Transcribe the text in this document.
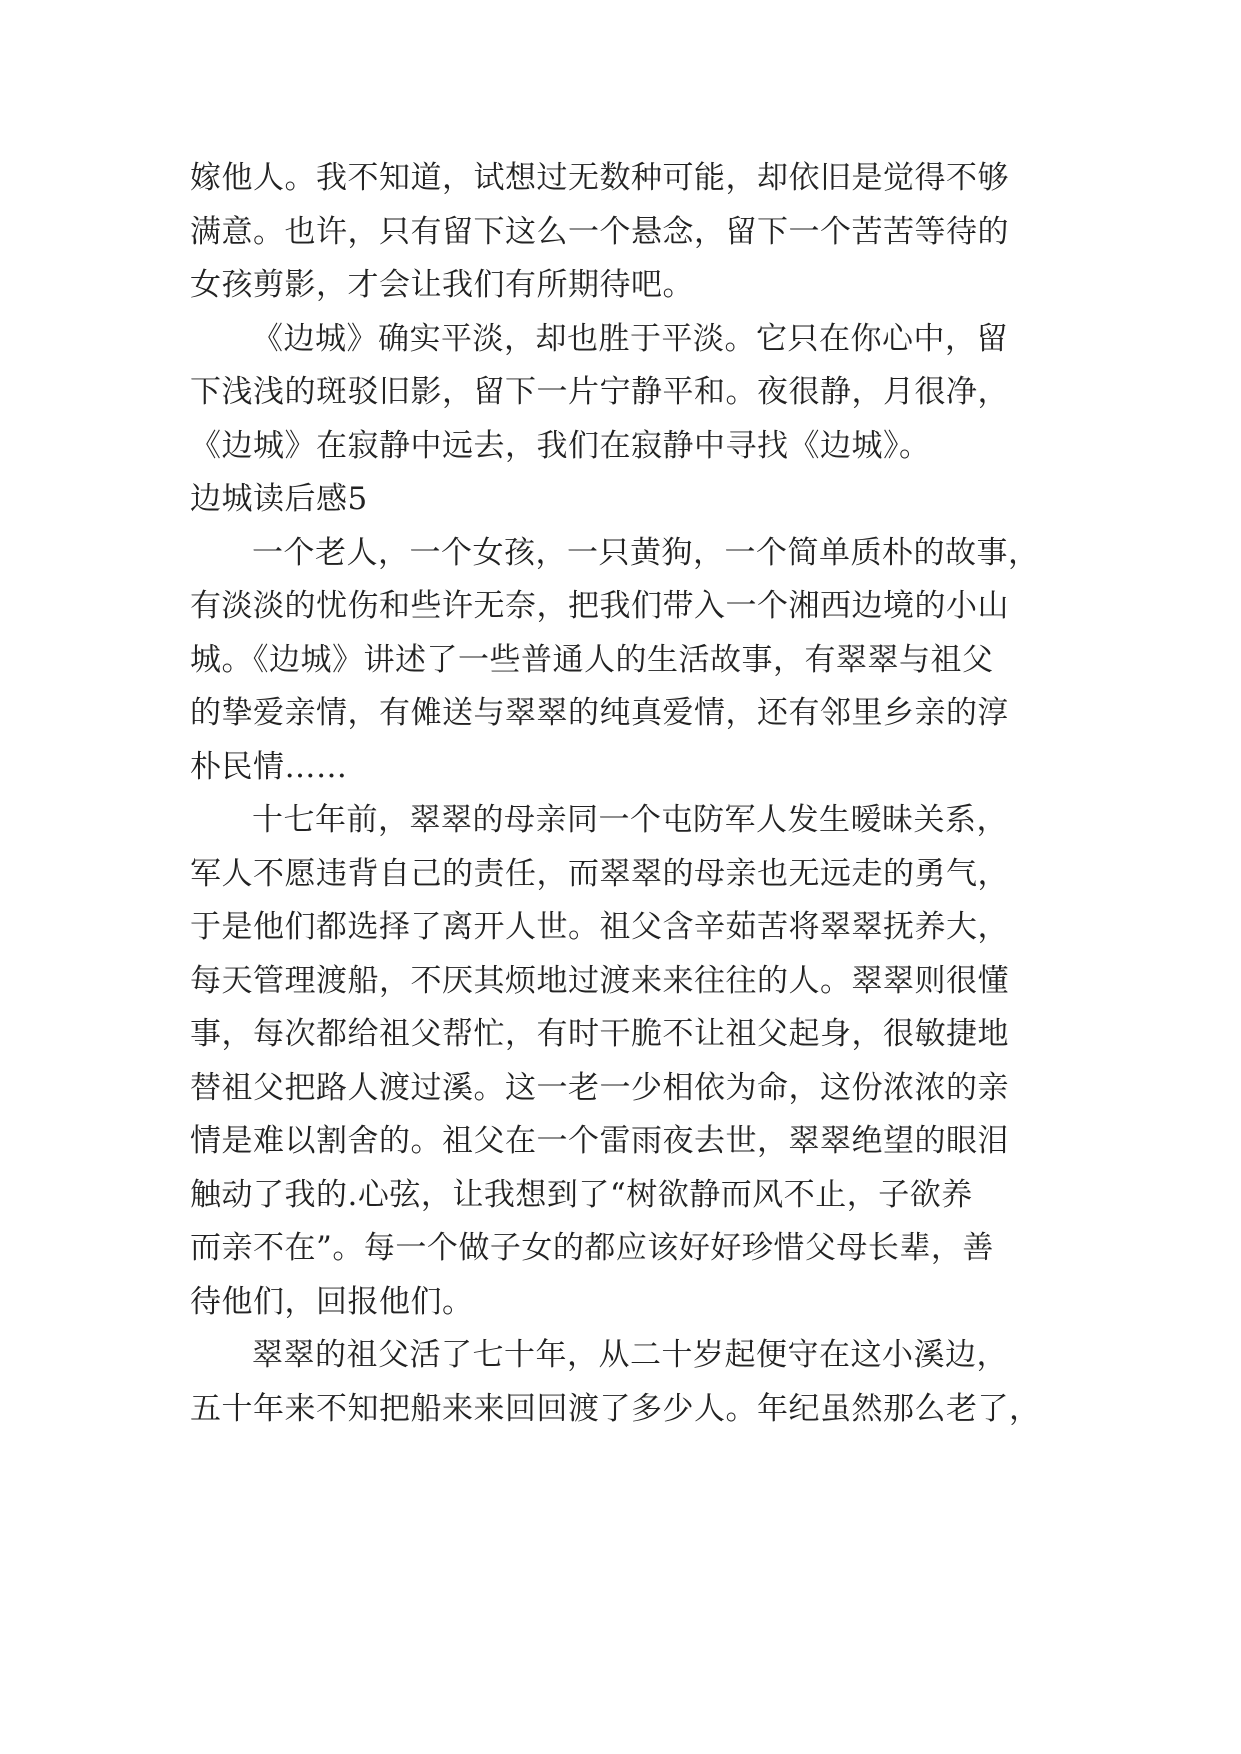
嫁他人。我不知道，试想过无数种可能，却依旧是觉得不够
满意。也许，只有留下这么一个悬念，留下一个苦苦等待的
女孩剪影，才会让我们有所期待吧。

《边城》确实平淡，却也胜于平淡。它只在你心中，留
下浅浅的斑驳旧影，留下一片宁静平和。夜很静，月很净，
《边城》在寂静中远去，我们在寂静中寻找《边城》。

边城读后感5

一个老人，一个女孩，一只黄狗，一个简单质朴的故事，
有淡淡的忧伤和些许无奈，把我们带入一个湘西边境的小山
城。《边城》讲述了一些普通人的生活故事，有翠翠与祖父
的挚爱亲情，有傩送与翠翠的纯真爱情，还有邻里乡亲的淳
朴民情……

十七年前，翠翠的母亲同一个屯防军人发生暧昧关系，
军人不愿违背自己的责任，而翠翠的母亲也无远走的勇气，
于是他们都选择了离开人世。祖父含辛茹苦将翠翠抚养大，
每天管理渡船，不厌其烦地过渡来来往往的人。翠翠则很懂
事，每次都给祖父帮忙，有时干脆不让祖父起身，很敏捷地
替祖父把路人渡过溪。这一老一少相依为命，这份浓浓的亲
情是难以割舍的。祖父在一个雷雨夜去世，翠翠绝望的眼泪
触动了我的.心弦，让我想到了“树欲静而风不止，子欲养
而亲不在”。每一个做子女的都应该好好珍惜父母长辈，善
待他们，回报他们。

翠翠的祖父活了七十年，从二十岁起便守在这小溪边，
五十年来不知把船来来回回渡了多少人。年纪虽然那么老了，
